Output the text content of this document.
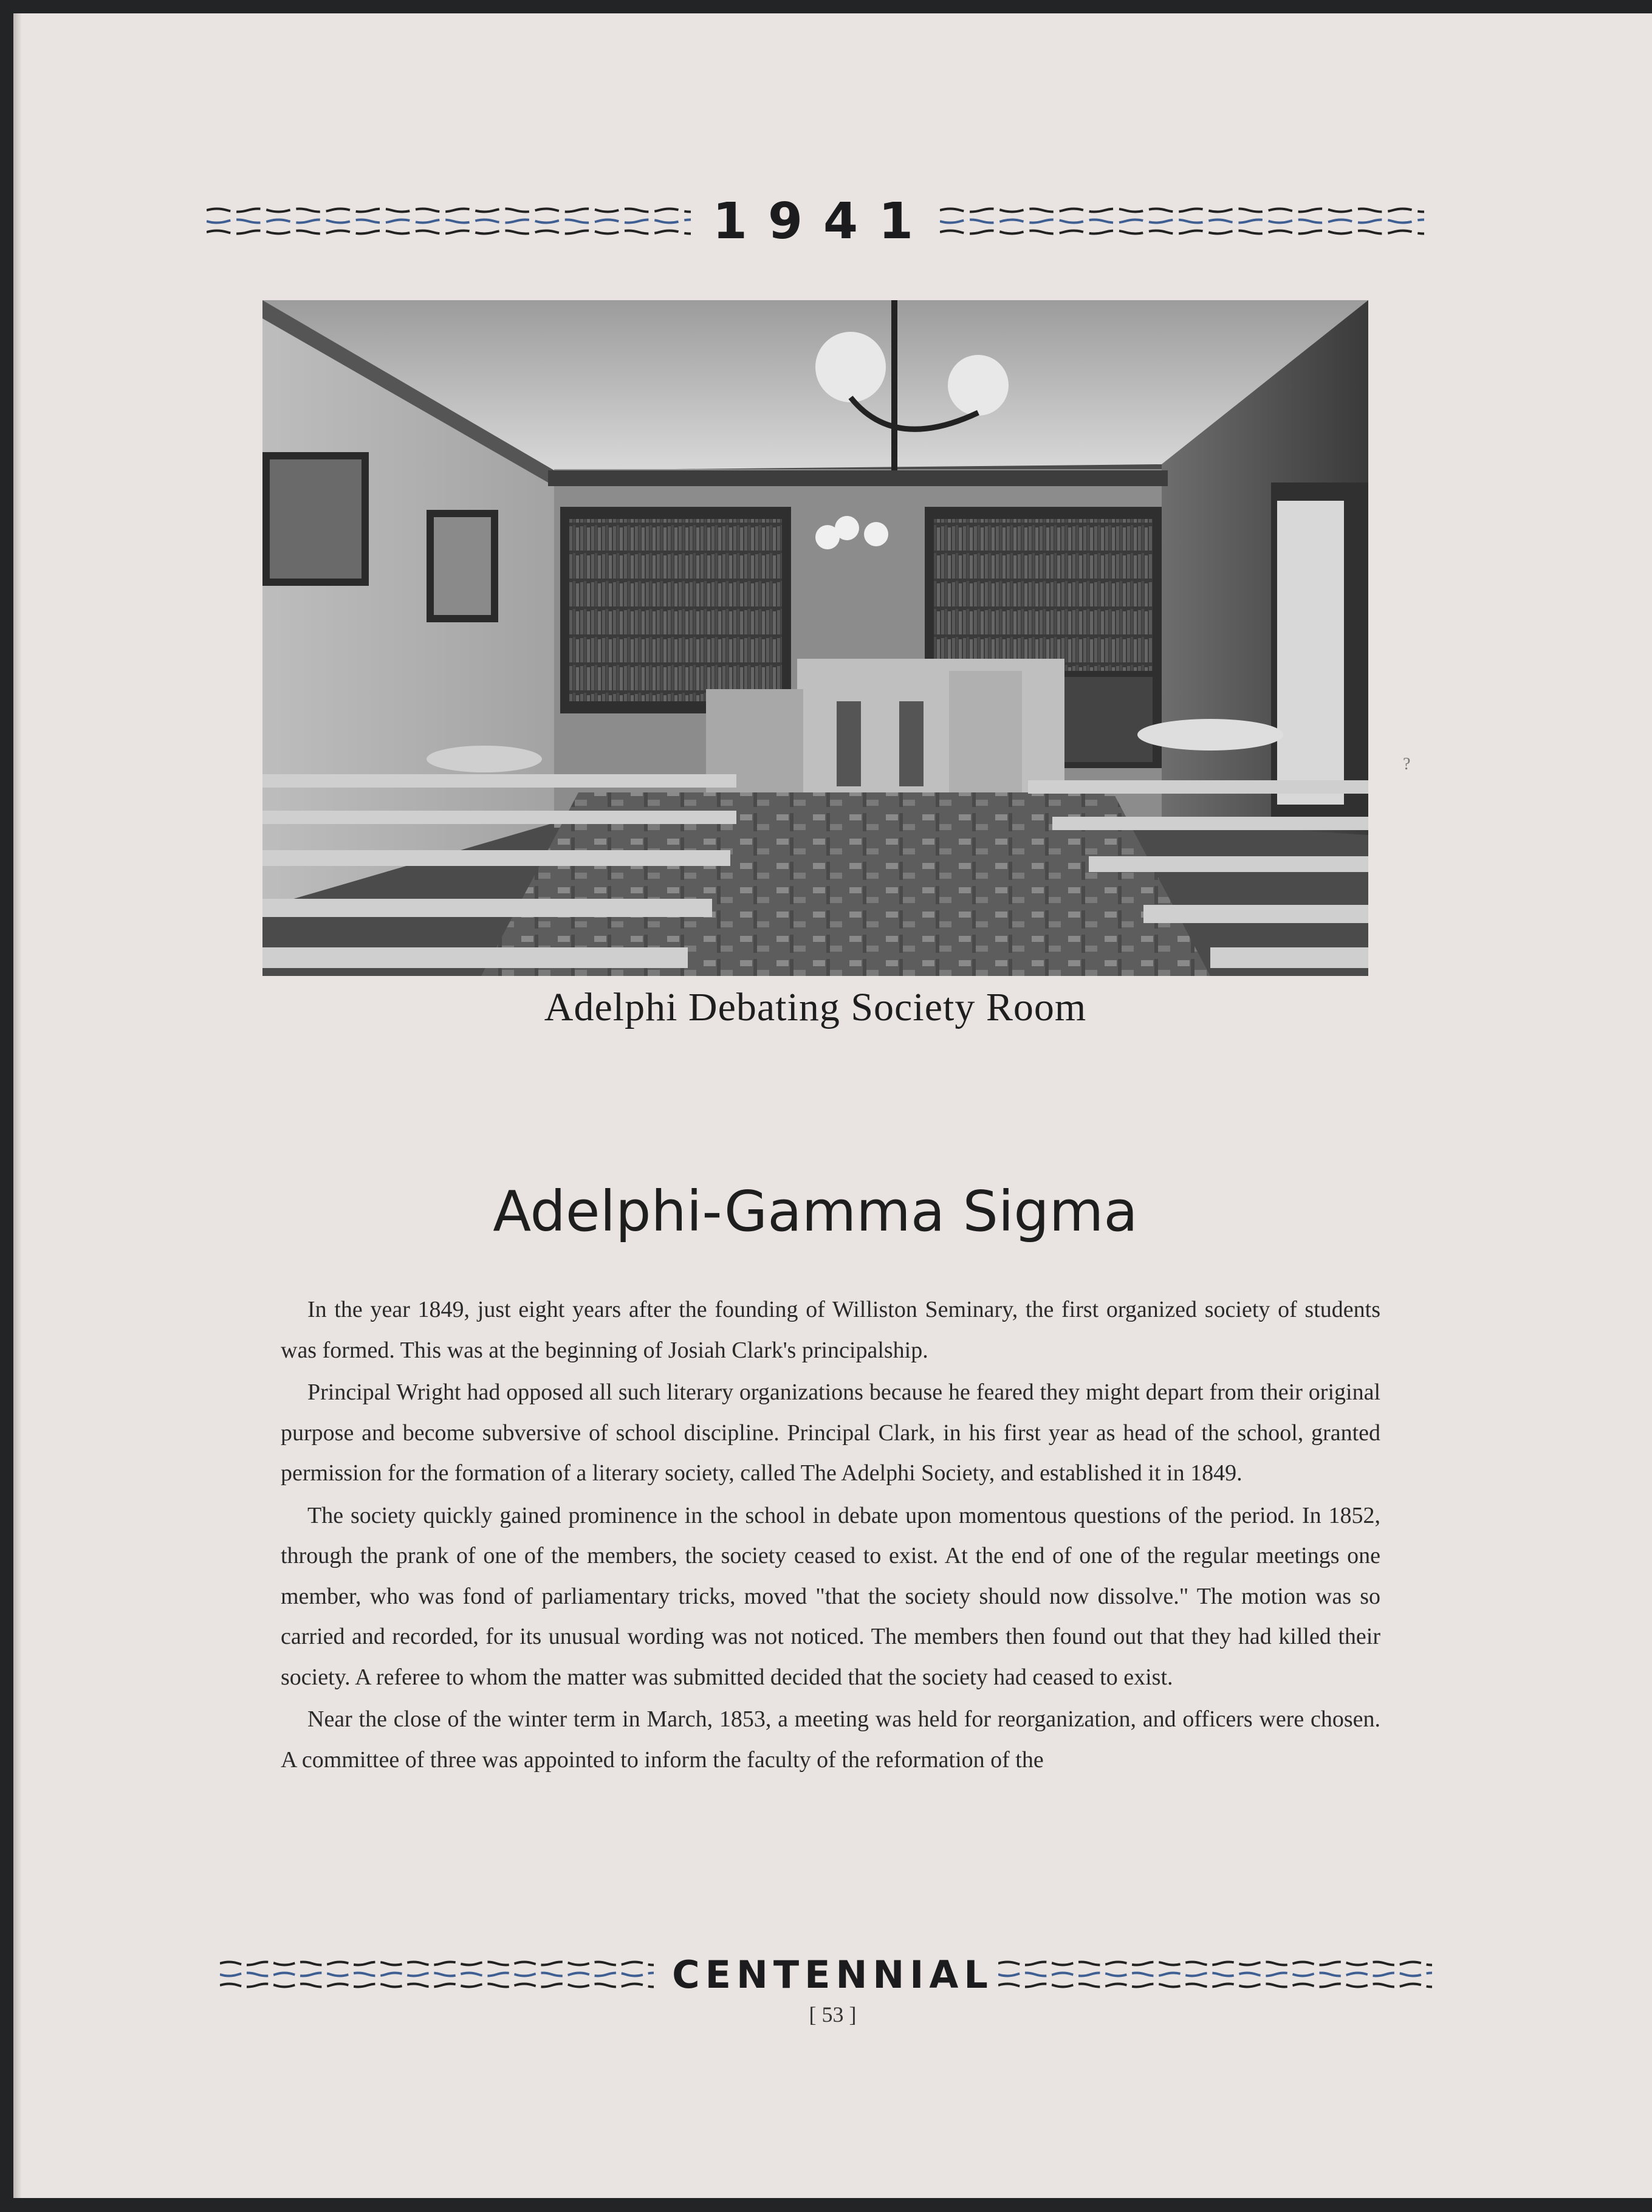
1941
Adelphi Debating Society Room
Adelphi-Gamma Sigma

In the year 1849, just eight years after the founding of Williston Seminary, the first organized society of students was formed. This was at the beginning of Josiah Clark's principalship.

Principal Wright had opposed all such literary organizations because he feared they might depart from their original purpose and become subversive of school discipline. Principal Clark, in his first year as head of the school, granted permission for the formation of a literary society, called The Adelphi Society, and established it in 1849.

The society quickly gained prominence in the school in debate upon momentous questions of the period. In 1852, through the prank of one of the members, the society ceased to exist. At the end of one of the regular meetings one member, who was fond of parliamentary tricks, moved "that the society should now dissolve." The motion was so carried and recorded, for its unusual wording was not noticed. The members then found out that they had killed their society. A referee to whom the matter was submitted decided that the society had ceased to exist.

Near the close of the winter term in March, 1853, a meeting was held for reorganization, and officers were chosen. A committee of three was appointed to inform the faculty of the reformation of the

CENTENNIAL
[ 53 ]
?
